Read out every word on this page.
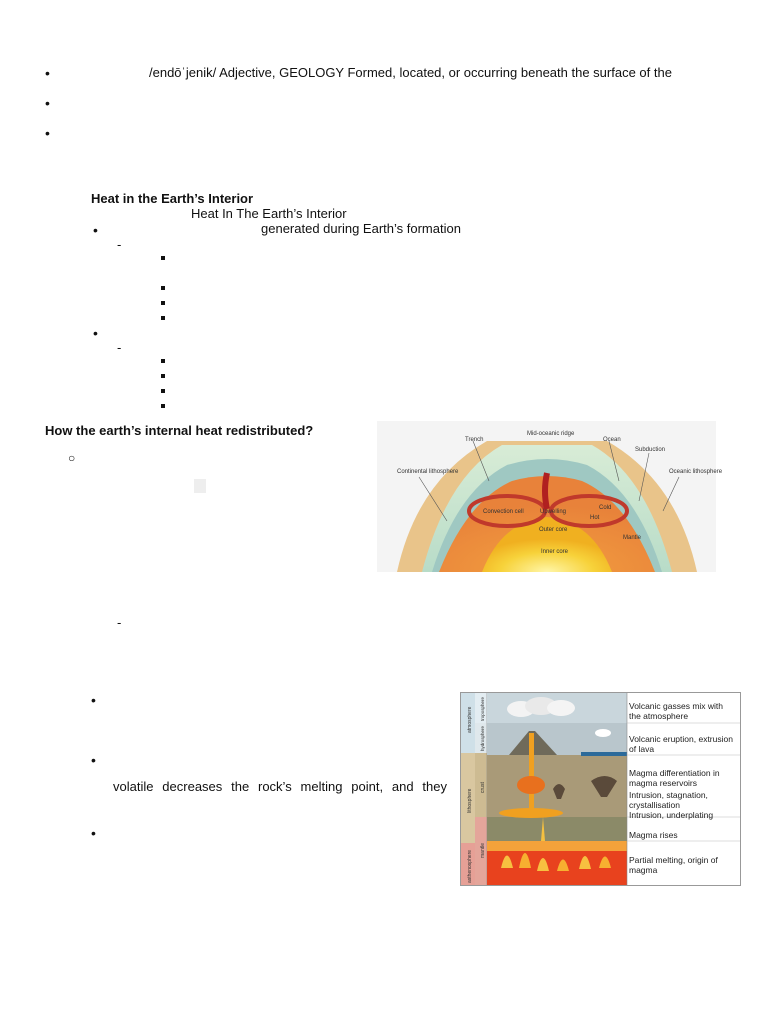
•	/endōˈjenik/ Adjective, GEOLOGY Formed, located, or occurring beneath the surface of the
•
•
Heat in the Earth’s Interior
Heat In The Earth’s Interior
•	generated during Earth’s formation
-
•
-
How the earth’s internal heat redistributed?
○
-
•
•
volatile decreases the rock’s melting point, and they
•
Trench
Mid-oceanic ridge
Ocean
Subduction
Continental lithosphere	Oceanic lithosphere
Convection cell	Upwelling
Cold
Hot
Outer core
Mantle
Inner core
atmosphere
lithosphere
asthenosphere
troposphere
hydrosphere
crust
mantle
Volcanic gasses mix with the atmosphere
Volcanic eruption, extrusion of lava
Magma differentiation in magma reservoirs
Intrusion, stagnation, crystallisation
Intrusion, underplating
Magma rises
Partial melting, origin of magma
